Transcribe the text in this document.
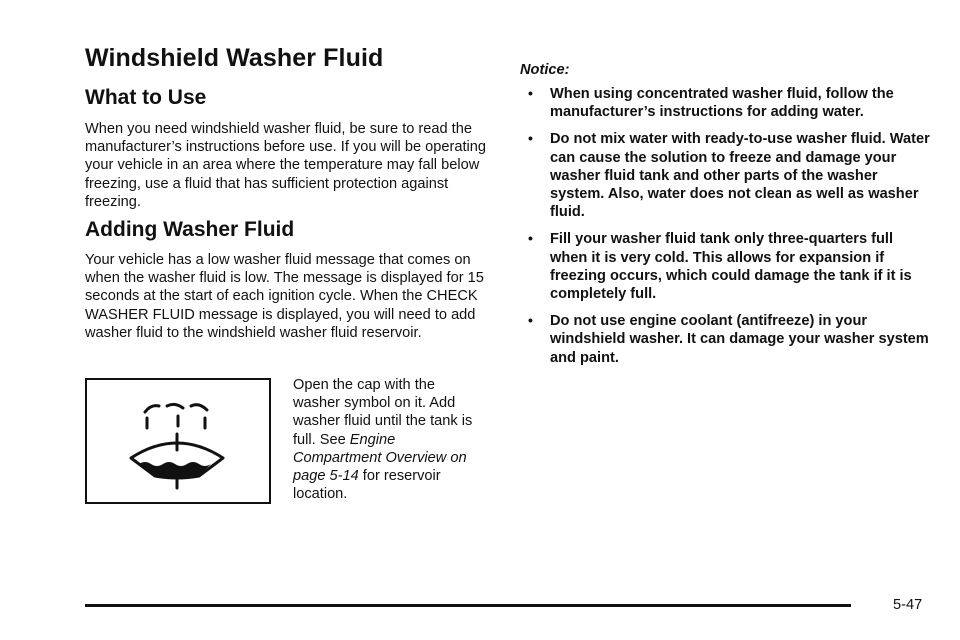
Windshield Washer Fluid
What to Use

When you need windshield washer fluid, be sure to read the manufacturer’s instructions before use. If you will be operating your vehicle in an area where the temperature may fall below freezing, use a fluid that has sufficient protection against freezing.

Adding Washer Fluid

Your vehicle has a low washer fluid message that comes on when the washer fluid is low. The message is displayed for 15 seconds at the start of each ignition cycle. When the CHECK WASHER FLUID message is displayed, you will need to add washer fluid to the windshield washer fluid reservoir.

Open the cap with the washer symbol on it. Add washer fluid until the tank is full. See Engine Compartment Overview on page 5-14 for reservoir location.

Notice:

• When using concentrated washer fluid, follow the manufacturer’s instructions for adding water.
• Do not mix water with ready-to-use washer fluid. Water can cause the solution to freeze and damage your washer fluid tank and other parts of the washer system. Also, water does not clean as well as washer fluid.
• Fill your washer fluid tank only three-quarters full when it is very cold. This allows for expansion if freezing occurs, which could damage the tank if it is completely full.
• Do not use engine coolant (antifreeze) in your windshield washer. It can damage your washer system and paint.
5-47
